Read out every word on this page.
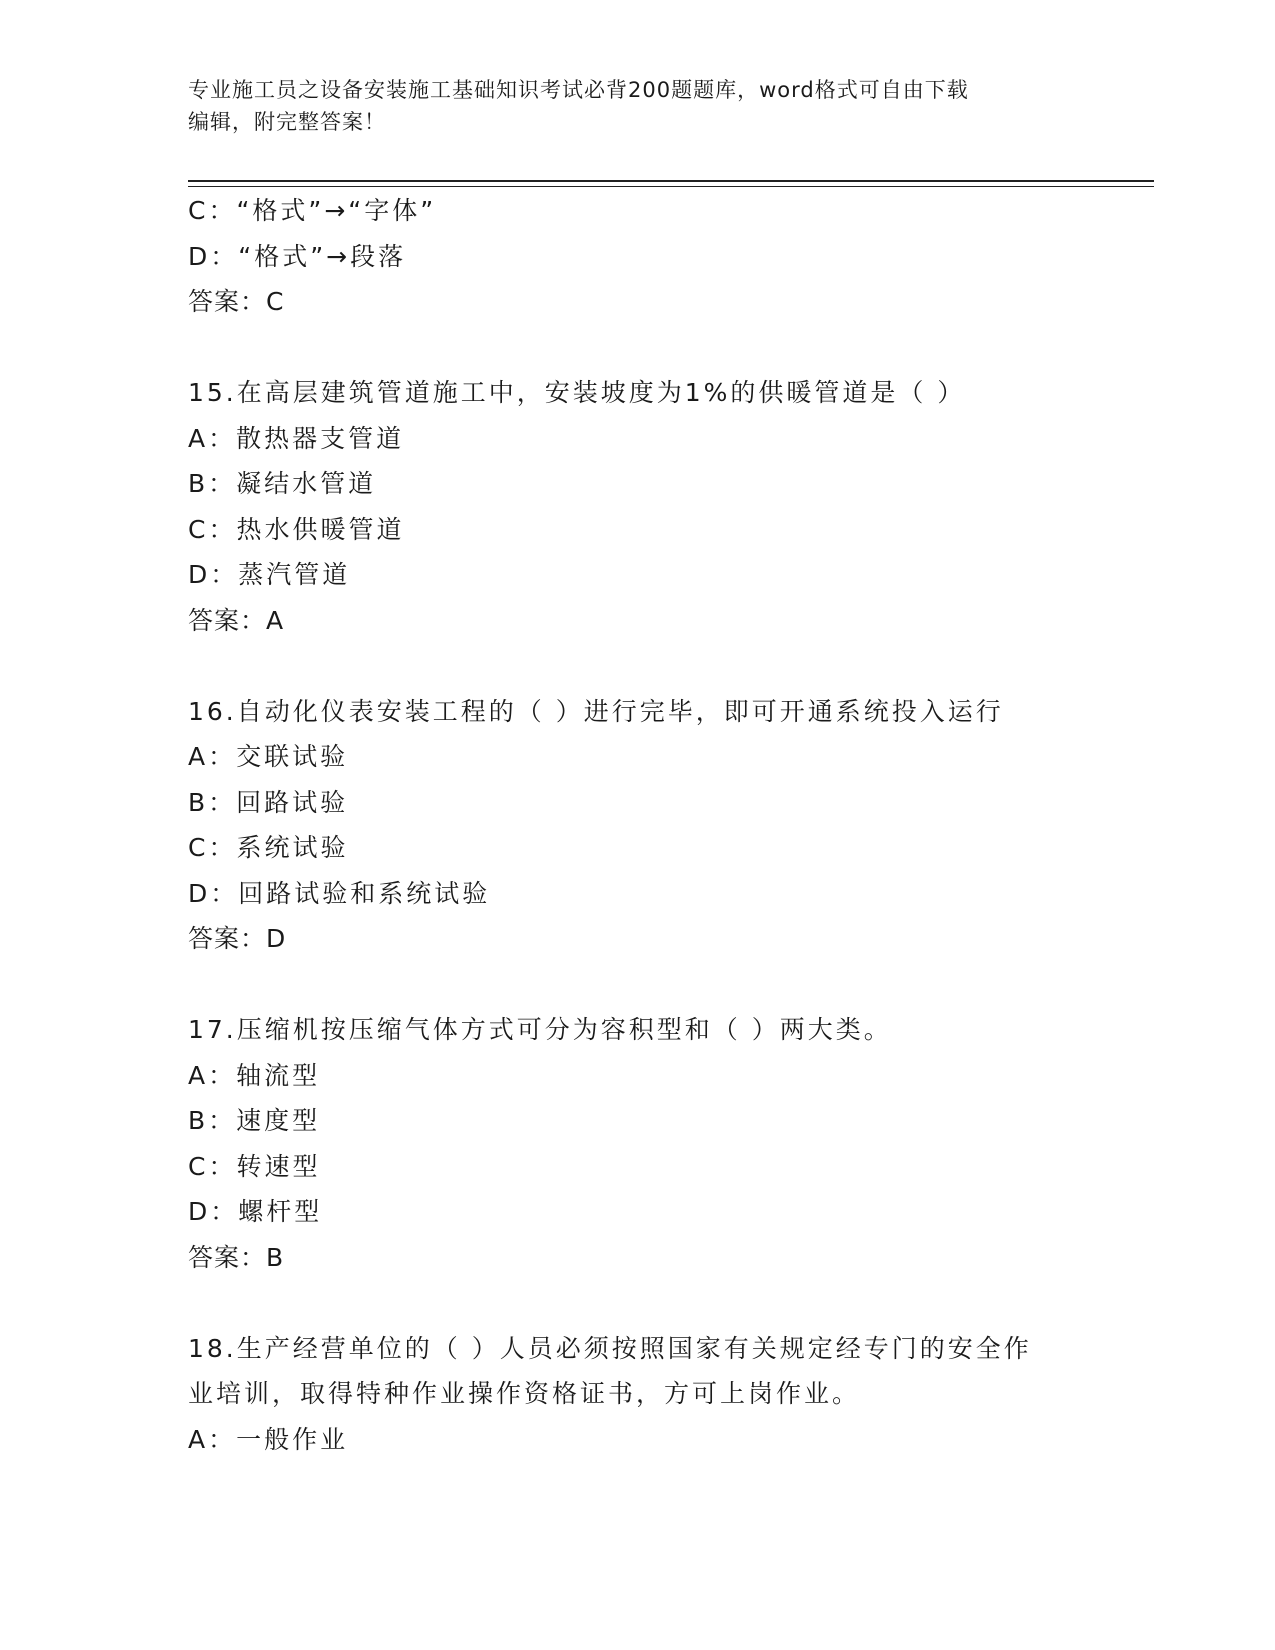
专业施工员之设备安装施工基础知识考试必背200题题库，word格式可自由下载
编辑，附完整答案！
C：“格式”→“字体”
D：“格式”→段落
答案：C
15.在高层建筑管道施工中，安装坡度为1%的供暖管道是（ ）
A：散热器支管道
B：凝结水管道
C：热水供暖管道
D：蒸汽管道
答案：A
16.自动化仪表安装工程的（ ）进行完毕，即可开通系统投入运行
A：交联试验
B：回路试验
C：系统试验
D：回路试验和系统试验
答案：D
17.压缩机按压缩气体方式可分为容积型和（ ）两大类。
A：轴流型
B：速度型
C：转速型
D：螺杆型
答案：B
18.生产经营单位的（ ）人员必须按照国家有关规定经专门的安全作
业培训，取得特种作业操作资格证书，方可上岗作业。
A：一般作业
